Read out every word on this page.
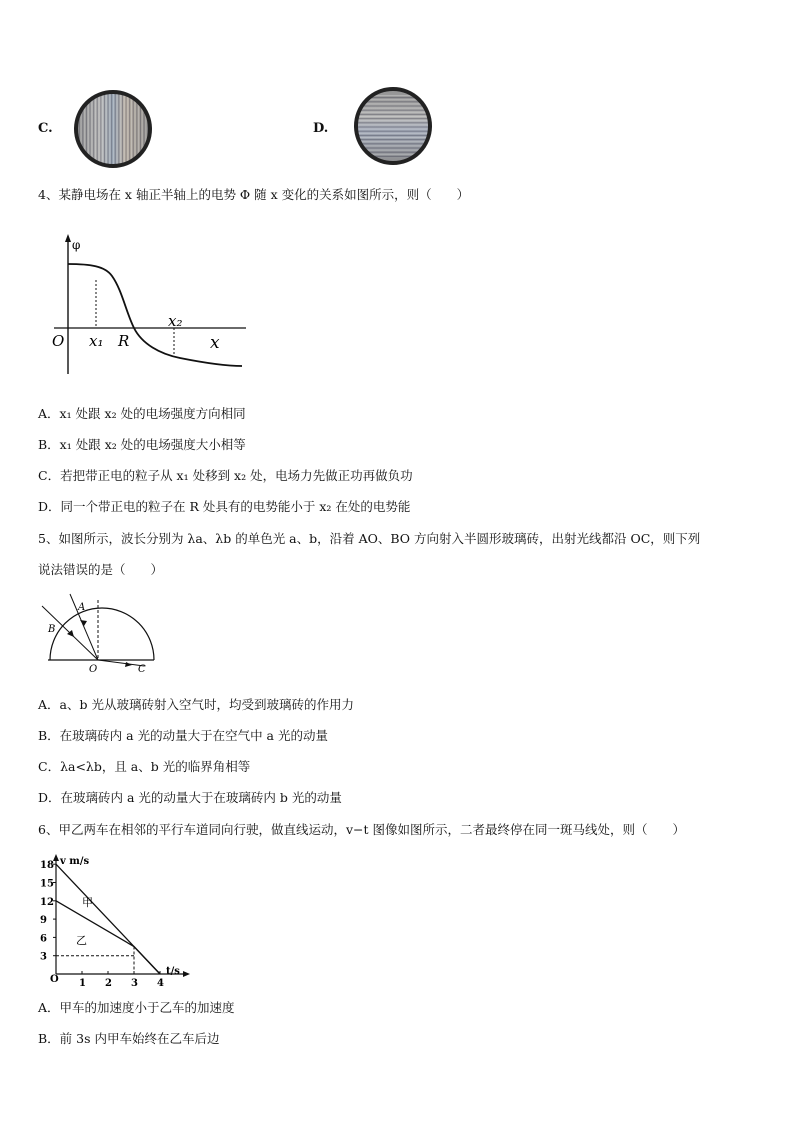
C.	D.
4、某静电场在 x 轴正半轴上的电势 Φ 随 x 变化的关系如图所示，则（　　）
φ
O x₁ R
x₂
x
A．x₁ 处跟 x₂ 处的电场强度方向相同
B．x₁ 处跟 x₂ 处的电场强度大小相等
C．若把带正电的粒子从 x₁ 处移到 x₂ 处，电场力先做正功再做负功
D．同一个带正电的粒子在 R 处具有的电势能小于 x₂ 在处的电势能
5、如图所示，波长分别为 λa、λb 的单色光 a、b，沿着 AO、BO 方向射入半圆形玻璃砖，出射光线都沿 OC，则下列
说法错误的是（　　）
A
B
O	C
A．a、b 光从玻璃砖射入空气时，均受到玻璃砖的作用力
B．在玻璃砖内 a 光的动量大于在空气中 a 光的动量
C．λa<λb，且 a、b 光的临界角相等
D．在玻璃砖内 a 光的动量大于在玻璃砖内 b 光的动量
6、甲乙两车在相邻的平行车道同向行驶，做直线运动，v−t 图像如图所示，二者最终停在同一斑马线处，则（　　）
v m/s
t/s
O
3
6
9
12
15
18
1 2 3 4
甲
乙
A．甲车的加速度小于乙车的加速度
B．前 3s 内甲车始终在乙车后边
